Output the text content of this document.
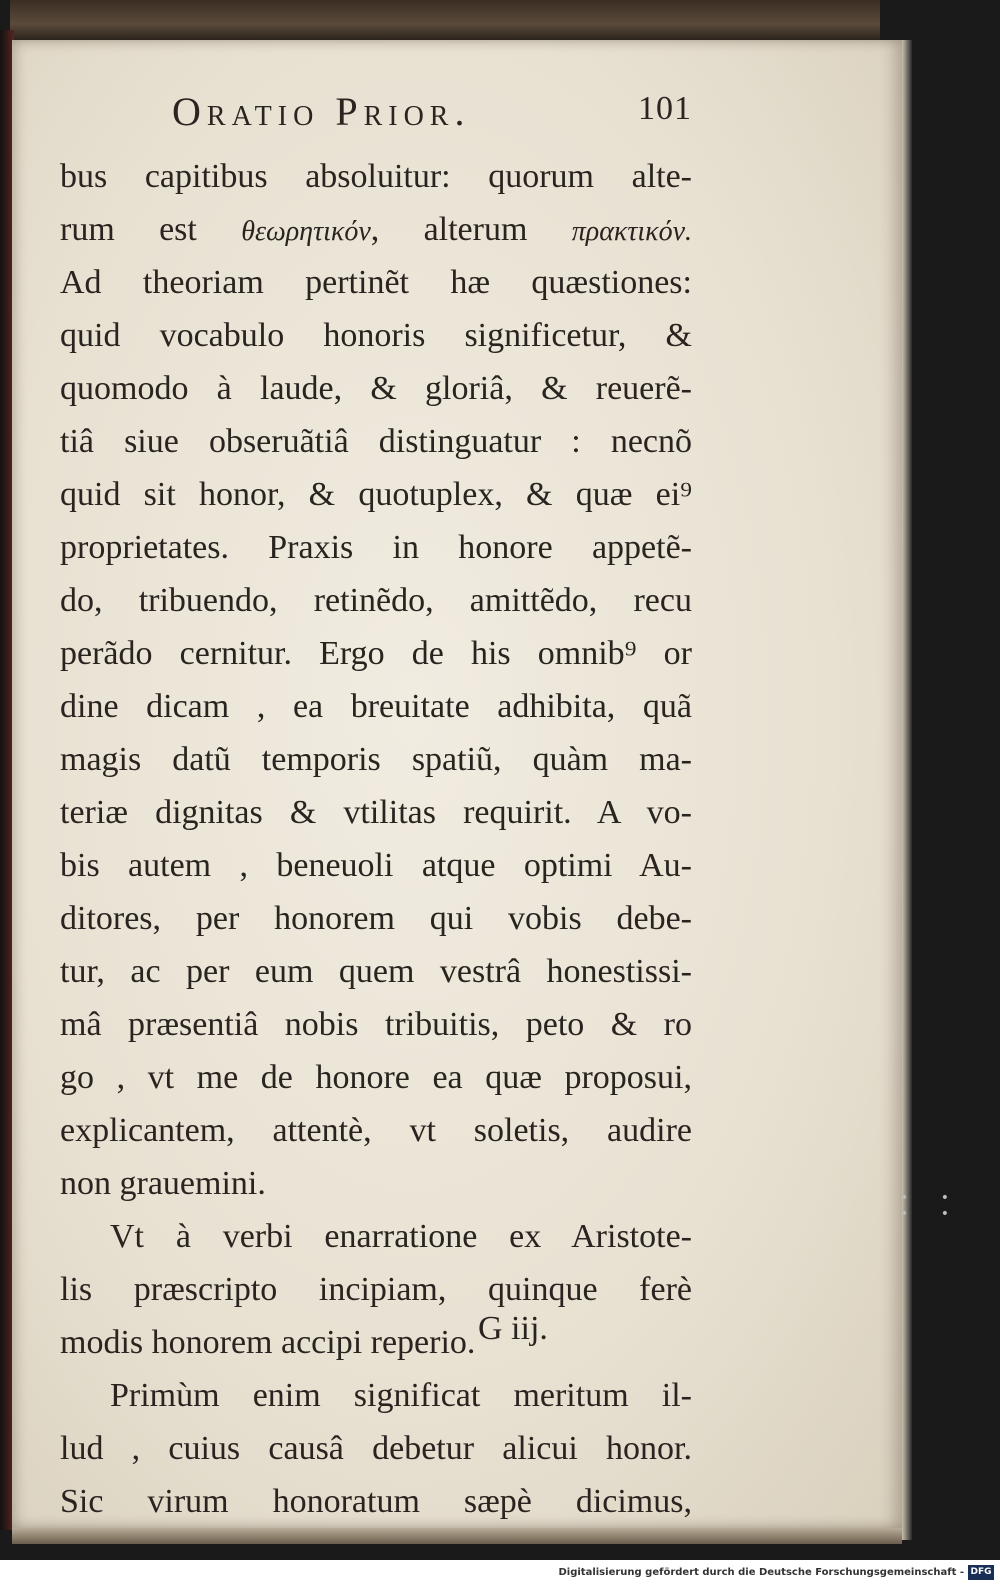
Oratio Prior.	101
bus capitibus absoluitur: quorum alte-
rum est θεωρητικόν, alterum πρακτικόν.
Ad theoriam pertinẽt hæ quæstiones:
quid vocabulo honoris significetur, &
quomodo à laude, & gloriâ, & reuerẽ-
tiâ siue obseruãtiâ distinguatur : necnõ
quid sit honor, & quotuplex, & quæ ei⁹
proprietates. Praxis in honore appetẽ-
do, tribuendo, retinẽdo, amittẽdo, recu
perãdo cernitur. Ergo de his omnib⁹ or
dine dicam , ea breuitate adhibita, quã
magis datũ temporis spatiũ, quàm ma-
teriæ dignitas & vtilitas requirit. A vo-
bis autem , beneuoli atque optimi Au-
ditores, per honorem qui vobis debe-
tur, ac per eum quem vestrâ honestissi-
mâ præsentiâ nobis tribuitis, peto & ro
go , vt me de honore ea quæ proposui,
explicantem, attentè, vt soletis, audire
non grauemini.
Vt à verbi enarratione ex Aristote-
lis præscripto incipiam, quinque ferè
modis honorem accipi reperio.
Primùm enim significat meritum il-
lud , cuius causâ debetur alicui honor.
Sic virum honoratum sæpè dicimus,
G iij.
• • • •
Digitalisierung gefördert durch die Deutsche Forschungsgemeinschaft - DFG
